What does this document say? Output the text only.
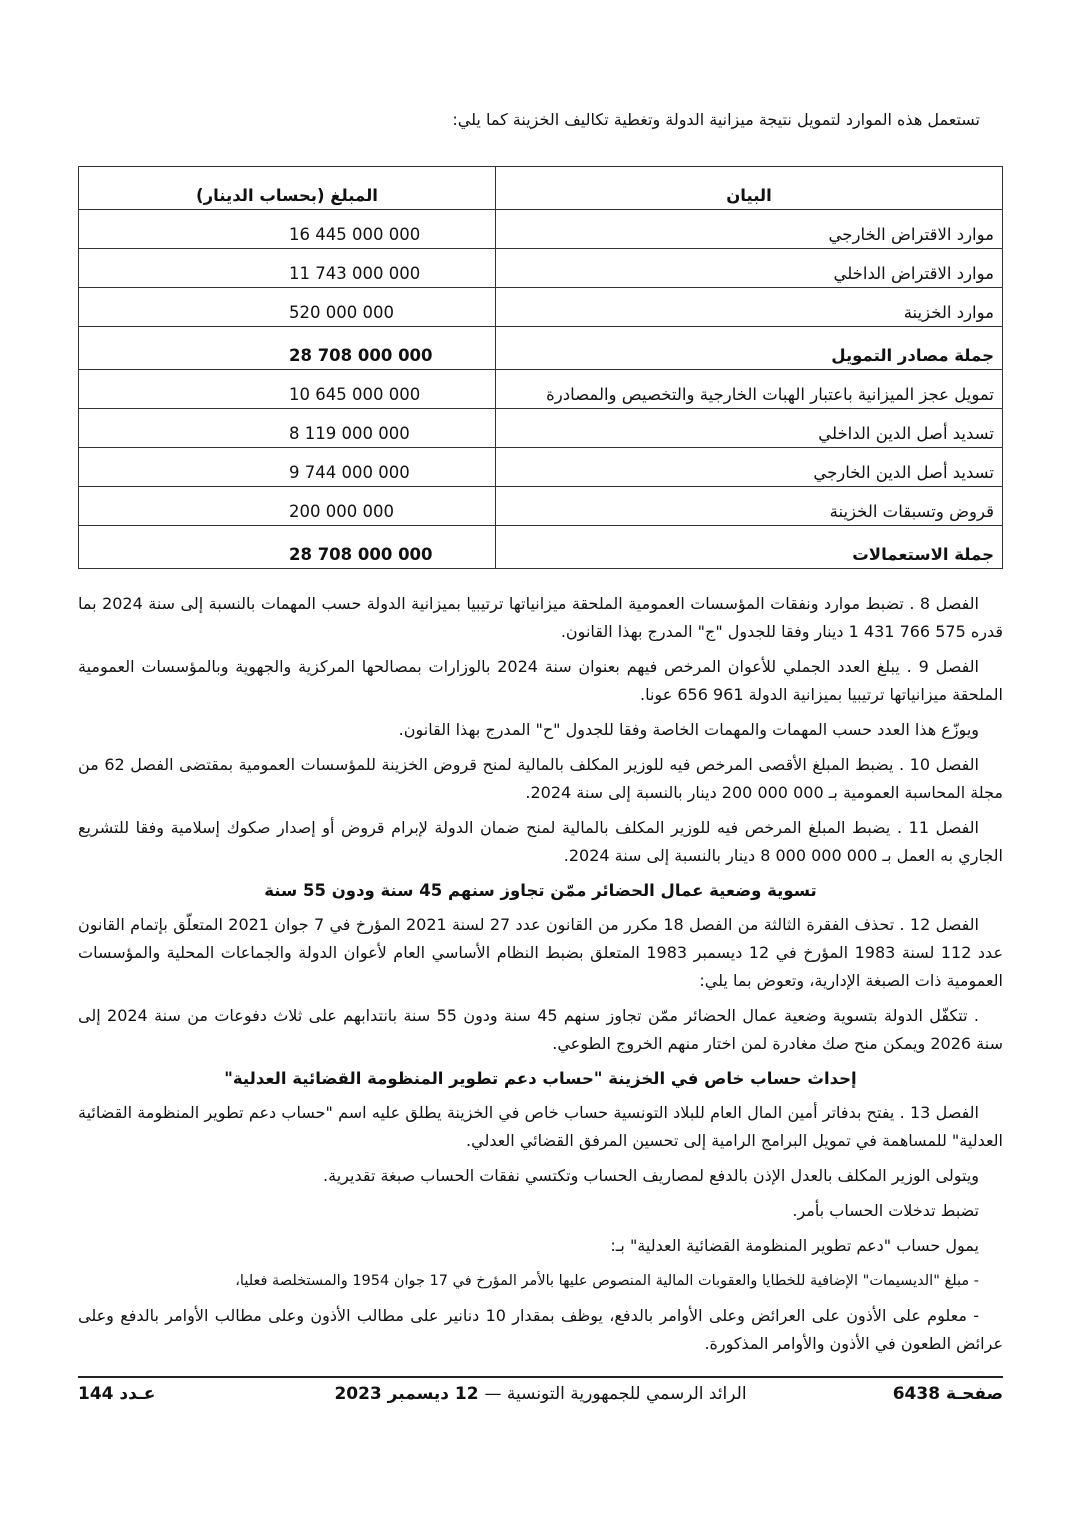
تستعمل هذه الموارد لتمويل نتيجة ميزانية الدولة وتغطية تكاليف الخزينة كما يلي:
البيان	المبلغ (بحساب الدينار)
موارد الاقتراض الخارجي	16 445 000 000
موارد الاقتراض الداخلي	11 743 000 000
موارد الخزينة	520 000 000
جملة مصادر التمويل	28 708 000 000
تمويل عجز الميزانية باعتبار الهبات الخارجية والتخصيص والمصادرة	10 645 000 000
تسديد أصل الدين الداخلي	8 119 000 000
تسديد أصل الدين الخارجي	9 744 000 000
قروض وتسبقات الخزينة	200 000 000
جملة الاستعمالات	28 708 000 000

الفصل 8 . تضبط موارد ونفقات المؤسسات العمومية الملحقة ميزانياتها ترتيبيا بميزانية الدولة حسب المهمات بالنسبة إلى سنة 2024 بما قدره 575 766 431 1 دينار وفقا للجدول "ج" المدرج بهذا القانون.

الفصل 9 . يبلغ العدد الجملي للأعوان المرخص فيهم بعنوان سنة 2024 بالوزارات بمصالحها المركزية والجهوية وبالمؤسسات العمومية الملحقة ميزانياتها ترتيبيا بميزانية الدولة 961 656 عونا.

ويوزّع هذا العدد حسب المهمات والمهمات الخاصة وفقا للجدول "ح" المدرج بهذا القانون.

الفصل 10 . يضبط المبلغ الأقصى المرخص فيه للوزير المكلف بالمالية لمنح قروض الخزينة للمؤسسات العمومية بمقتضى الفصل 62 من مجلة المحاسبة العمومية بـ 000 000 200 دينار بالنسبة إلى سنة 2024.

الفصل 11 . يضبط المبلغ المرخص فيه للوزير المكلف بالمالية لمنح ضمان الدولة لإبرام قروض أو إصدار صكوك إسلامية وفقا للتشريع الجاري به العمل بـ 000 000 000 8 دينار بالنسبة إلى سنة 2024.

تسوية وضعية عمال الحضائر ممّن تجاوز سنهم 45 سنة ودون 55 سنة

الفصل 12 . تحذف الفقرة الثالثة من الفصل 18 مكرر من القانون عدد 27 لسنة 2021 المؤرخ في 7 جوان 2021 المتعلّق بإتمام القانون عدد 112 لسنة 1983 المؤرخ في 12 ديسمبر 1983 المتعلق بضبط النظام الأساسي العام لأعوان الدولة والجماعات المحلية والمؤسسات العمومية ذات الصبغة الإدارية، وتعوض بما يلي:

. تتكفّل الدولة بتسوية وضعية عمال الحضائر ممّن تجاوز سنهم 45 سنة ودون 55 سنة بانتدابهم على ثلاث دفوعات من سنة 2024 إلى سنة 2026 ويمكن منح صك مغادرة لمن اختار منهم الخروج الطوعي.

إحداث حساب خاص في الخزينة "حساب دعم تطوير المنظومة القضائية العدلية"

الفصل 13 . يفتح بدفاتر أمين المال العام للبلاد التونسية حساب خاص في الخزينة يطلق عليه اسم "حساب دعم تطوير المنظومة القضائية العدلية" للمساهمة في تمويل البرامج الرامية إلى تحسين المرفق القضائي العدلي.

ويتولى الوزير المكلف بالعدل الإذن بالدفع لمصاريف الحساب وتكتسي نفقات الحساب صبغة تقديرية.

تضبط تدخلات الحساب بأمر.

يمول حساب "دعم تطوير المنظومة القضائية العدلية" بـ:

- مبلغ "الديسيمات" الإضافية للخطايا والعقوبات المالية المنصوص عليها بالأمر المؤرخ في 17 جوان 1954 والمستخلصة فعليا،

- معلوم على الأذون على العرائض وعلى الأوامر بالدفع، يوظف بمقدار 10 دنانير على مطالب الأذون وعلى مطالب الأوامر بالدفع وعلى عرائض الطعون في الأذون والأوامر المذكورة.

صفحـة 6438
الرائد الرسمي للجمهورية التونسية — 12 ديسمبر 2023
عـدد 144
